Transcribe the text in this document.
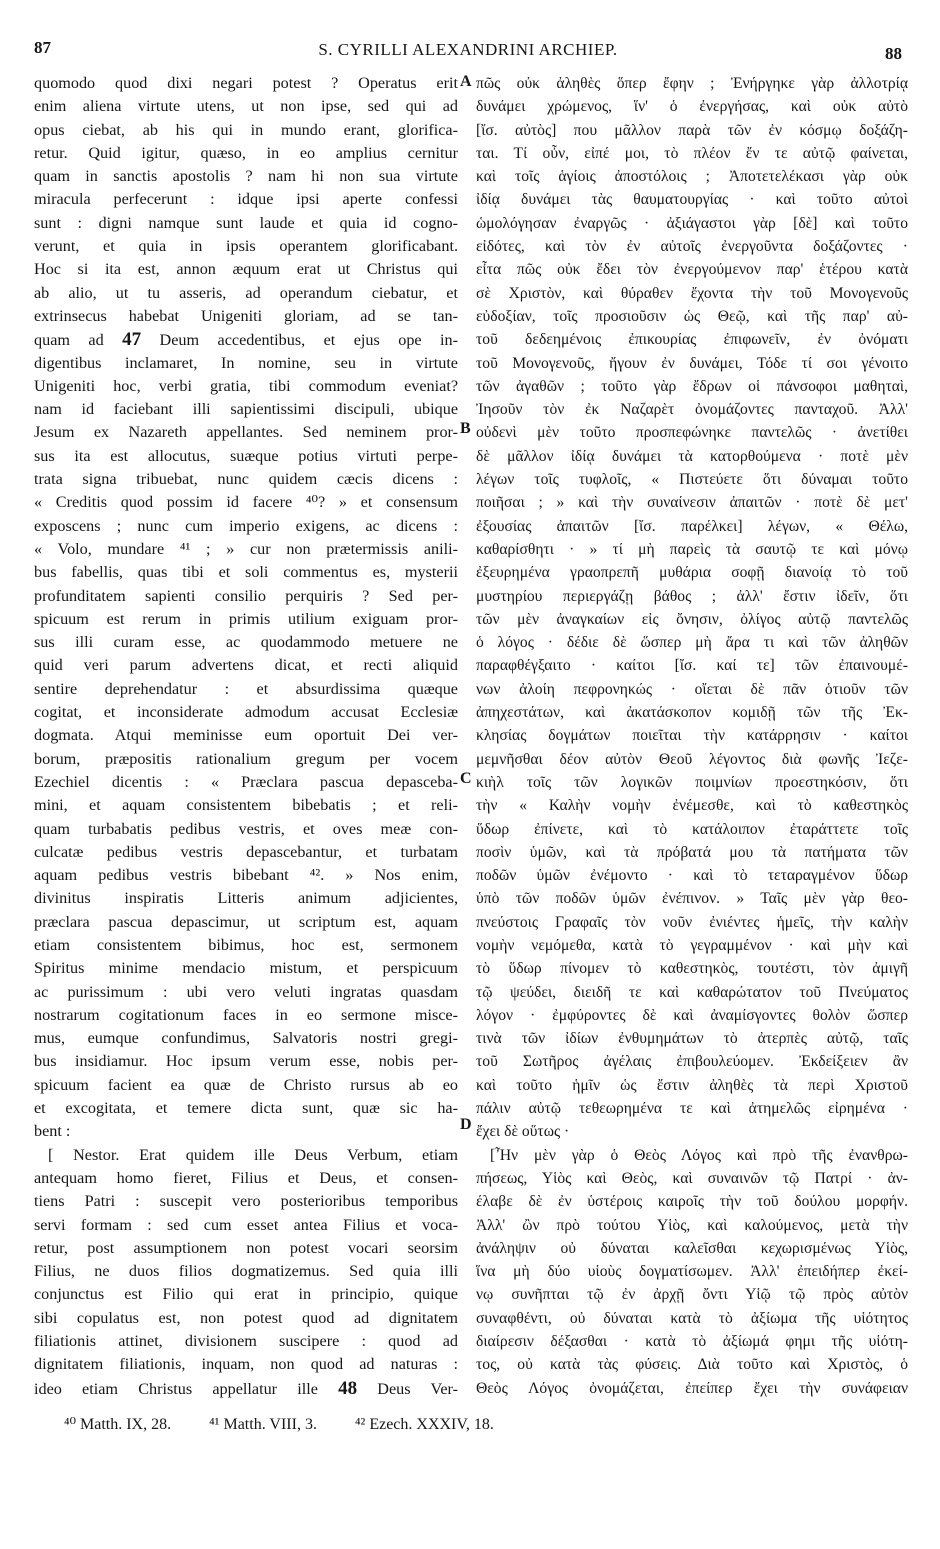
87	S. CYRILLI ALEXANDRINI ARCHIEP.	88
quomodo quod dixi negari potest ? Operatus erit
enim aliena virtute utens, ut non ipse, sed qui ad
opus ciebat, ab his qui in mundo erant, glorifica-
retur. Quid igitur, quæso, in eo amplius cernitur
quam in sanctis apostolis ? nam hi non sua virtute
miracula perfecerunt : idque ipsi aperte confessi
sunt : digni namque sunt laude et quia id cogno-
verunt, et quia in ipsis operantem glorificabant.
Hoc si ita est, annon æquum erat ut Christus qui
ab alio, ut tu asseris, ad operandum ciebatur, et
extrinsecus habebat Unigeniti gloriam, ad se tan-
quam ad 47 Deum accedentibus, et ejus ope in-
digentibus inclamaret, In nomine, seu in virtute
Unigeniti hoc, verbi gratia, tibi commodum eveniat?
nam id faciebant illi sapientissimi discipuli, ubique
Jesum ex Nazareth appellantes. Sed neminem pror-
sus ita est allocutus, suæque potius virtuti perpe-
trata signa tribuebat, nunc quidem cæcis dicens :
« Creditis quod possim id facere ⁴⁰? » et consensum
exposcens ; nunc cum imperio exigens, ac dicens :
« Volo, mundare ⁴¹ ; » cur non prætermissis anili-
bus fabellis, quas tibi et soli commentus es, mysterii
profunditatem sapienti consilio perquiris ? Sed per-
spicuum est rerum in primis utilium exiguam pror-
sus illi curam esse, ac quodammodo metuere ne
quid veri parum advertens dicat, et recti aliquid
sentire deprehendatur : et absurdissima quæque
cogitat, et inconsiderate admodum accusat Ecclesiæ
dogmata. Atqui meminisse eum oportuit Dei ver-
borum, præpositis rationalium gregum per vocem
Ezechiel dicentis : « Præclara pascua depasceba-
mini, et aquam consistentem bibebatis ; et reli-
quam turbabatis pedibus vestris, et oves meæ con-
culcatæ pedibus vestris depascebantur, et turbatam
aquam pedibus vestris bibebant ⁴². » Nos enim,
divinitus inspiratis Litteris animum adjicientes,
præclara pascua depascimur, ut scriptum est, aquam
etiam consistentem bibimus, hoc est, sermonem
Spiritus minime mendacio mistum, et perspicuum
ac purissimum : ubi vero veluti ingratas quasdam
nostrarum cogitationum faces in eo sermone misce-
mus, eumque confundimus, Salvatoris nostri gregi-
bus insidiamur. Hoc ipsum verum esse, nobis per-
spicuum facient ea quæ de Christo rursus ab eo
et excogitata, et temere dicta sunt, quæ sic ha-
bent :
[ Nestor. Erat quidem ille Deus Verbum, etiam
antequam homo fieret, Filius et Deus, et consen-
tiens Patri : suscepit vero posterioribus temporibus
servi formam : sed cum esset antea Filius et voca-
retur, post assumptionem non potest vocari seorsim
Filius, ne duos filios dogmatizemus. Sed quia illi
conjunctus est Filio qui erat in principio, quique
sibi copulatus est, non potest quod ad dignitatem
filiationis attinet, divisionem suscipere : quod ad
dignitatem filiationis, inquam, non quod ad naturas :
ideo etiam Christus appellatur ille 48 Deus Ver-
πῶς οὐκ ἀληθὲς ὅπερ ἔφην ; Ἐνήργηκε γὰρ ἀλλοτρίᾳ
δυνάμει χρώμενος, ἵν' ὁ ἐνεργήσας, καὶ οὐκ αὐτὸ
[ἴσ. αὐτὸς] που μᾶλλον παρὰ τῶν ἐν κόσμῳ δοξάζη-
ται. Τί οὖν, εἰπέ μοι, τὸ πλέον ἔν τε αὐτῷ φαίνεται,
καὶ τοῖς ἁγίοις ἀποστόλοις ; Ἀποτετελέκασι γὰρ οὐκ
ἰδίᾳ δυνάμει τὰς θαυματουργίας · καὶ τοῦτο αὐτοὶ
ὡμολόγησαν ἐναργῶς · ἀξιάγαστοι γὰρ [δὲ] καὶ τοῦτο
εἰδότες, καὶ τὸν ἐν αὐτοῖς ἐνεργοῦντα δοξάζοντες ·
εἶτα πῶς οὐκ ἔδει τὸν ἐνεργούμενον παρ' ἑτέρου κατὰ
σὲ Χριστὸν, καὶ θύραθεν ἔχοντα τὴν τοῦ Μονογενοῦς
εὐδοξίαν, τοῖς προσιοῦσιν ὡς Θεῷ, καὶ τῆς παρ' αὐ-
τοῦ δεδεημένοις ἐπικουρίας ἐπιφωνεῖν, ἐν ὀνόματι
τοῦ Μονογενοῦς, ἤγουν ἐν δυνάμει, Τόδε τί σοι γένοιτο
τῶν ἀγαθῶν ; τοῦτο γὰρ ἔδρων οἱ πάνσοφοι μαθηταὶ,
Ἰησοῦν τὸν ἐκ Ναζαρὲτ ὀνομάζοντες πανταχοῦ. Ἀλλ'
οὐδενὶ μὲν τοῦτο προσπεφώνηκε παντελῶς · ἀνετίθει
δὲ μᾶλλον ἰδίᾳ δυνάμει τὰ κατορθούμενα · ποτὲ μὲν
λέγων τοῖς τυφλοῖς, « Πιστεύετε ὅτι δύναμαι τοῦτο
ποιῆσαι ; » καὶ τὴν συναίνεσιν ἀπαιτῶν · ποτὲ δὲ μετ'
ἐξουσίας ἀπαιτῶν [ἴσ. παρέλκει] λέγων, « Θέλω,
καθαρίσθητι · » τί μὴ παρεὶς τὰ σαυτῷ τε καὶ μόνῳ
ἐξευρημένα γραοπρεπῆ μυθάρια σοφῇ διανοίᾳ τὸ τοῦ
μυστηρίου περιεργάζῃ βάθος ; ἀλλ' ἔστιν ἰδεῖν, ὅτι
τῶν μὲν ἀναγκαίων εἰς ὄνησιν, ὀλίγος αὐτῷ παντελῶς
ὁ λόγος · δέδιε δὲ ὥσπερ μὴ ἄρα τι καὶ τῶν ἀληθῶν
παραφθέγξαιτο · καίτοι [ἴσ. καί τε] τῶν ἐπαινουμέ-
νων ἀλοίη πεφρονηκώς · οἴεται δὲ πᾶν ὁτιοῦν τῶν
ἀπηχεστάτων, καὶ ἀκατάσκοπον κομιδῇ τῶν τῆς Ἐκ-
κλησίας δογμάτων ποιεῖται τὴν κατάρρησιν · καίτοι
μεμνῆσθαι δέον αὐτὸν Θεοῦ λέγοντος διὰ φωνῆς Ἰεζε-
κιὴλ τοῖς τῶν λογικῶν ποιμνίων προεστηκόσιν, ὅτι
τὴν « Καλὴν νομὴν ἐνέμεσθε, καὶ τὸ καθεστηκὸς
ὕδωρ ἐπίνετε, καὶ τὸ κατάλοιπον ἐταράττετε τοῖς
ποσὶν ὑμῶν, καὶ τὰ πρόβατά μου τὰ πατήματα τῶν
ποδῶν ὑμῶν ἐνέμοντο · καὶ τὸ τεταραγμένον ὕδωρ
ὑπὸ τῶν ποδῶν ὑμῶν ἐνέπινον. » Ταῖς μὲν γὰρ θεο-
πνεύστοις Γραφαῖς τὸν νοῦν ἐνιέντες ἡμεῖς, τὴν καλὴν
νομὴν νεμόμεθα, κατὰ τὸ γεγραμμένον · καὶ μὴν καὶ
τὸ ὕδωρ πίνομεν τὸ καθεστηκὸς, τουτέστι, τὸν ἀμιγῆ
τῷ ψεύδει, διειδῆ τε καὶ καθαρώτατον τοῦ Πνεύματος
λόγον · ἐμφύροντες δὲ καὶ ἀναμίσγοντες θολὸν ὥσπερ
τινὰ τῶν ἰδίων ἐνθυμημάτων τὸ ἀτερπὲς αὐτῷ, ταῖς
τοῦ Σωτῆρος ἀγέλαις ἐπιβουλεύομεν. Ἐκδείξειεν ἂν
καὶ τοῦτο ἡμῖν ὡς ἔστιν ἀληθὲς τὰ περὶ Χριστοῦ
πάλιν αὐτῷ τεθεωρημένα τε καὶ ἀτημελῶς εἰρημένα ·
ἔχει δὲ οὕτως ·
[Ἦν μὲν γὰρ ὁ Θεὸς Λόγος καὶ πρὸ τῆς ἐνανθρω-
πήσεως, Υἱὸς καὶ Θεὸς, καὶ συναινῶν τῷ Πατρί · ἀν-
έλαβε δὲ ἐν ὑστέροις καιροῖς τὴν τοῦ δούλου μορφήν.
Ἀλλ' ὢν πρὸ τούτου Υἱὸς, καὶ καλούμενος, μετὰ τὴν
ἀνάληψιν οὐ δύναται καλεῖσθαι κεχωρισμένως Υἱὸς,
ἵνα μὴ δύο υἱοὺς δογματίσωμεν. Ἀλλ' ἐπειδήπερ ἐκεί-
νῳ συνῆπται τῷ ἐν ἀρχῇ ὄντι Υἱῷ τῷ πρὸς αὐτὸν
συναφθέντι, οὐ δύναται κατὰ τὸ ἀξίωμα τῆς υἱότητος
διαίρεσιν δέξασθαι · κατὰ τὸ ἀξίωμά φημι τῆς υἱότη-
τος, οὐ κατὰ τὰς φύσεις. Διὰ τοῦτο καὶ Χριστὸς, ὁ
Θεὸς Λόγος ὀνομάζεται, ἐπείπερ ἔχει τὴν συνάφειαν
A
B
C
D
⁴⁰ Matth. IX, 28. ⁴¹ Matth. VIII, 3. ⁴² Ezech. XXXIV, 18.
